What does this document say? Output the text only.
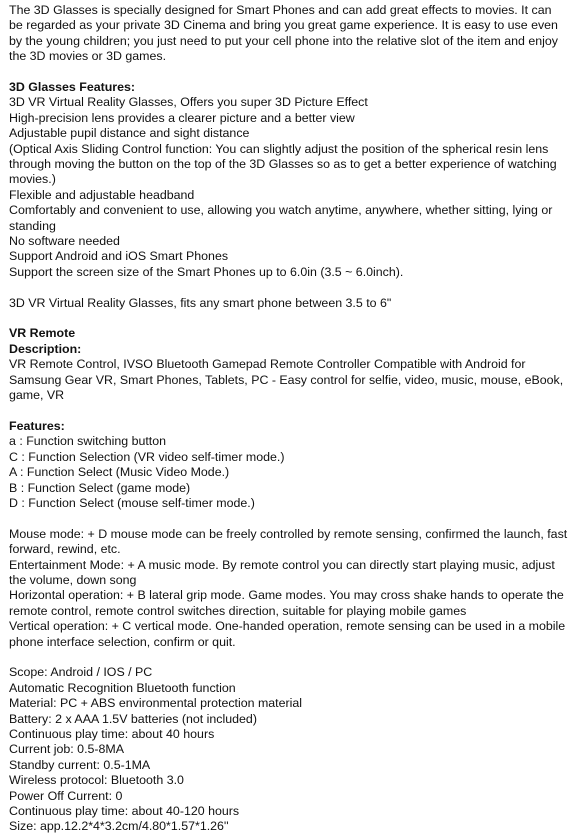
The 3D Glasses is specially designed for Smart Phones and can add great effects to movies. It can be regarded as your private 3D Cinema and bring you great game experience. It is easy to use even by the young children; you just need to put your cell phone into the relative slot of the item and enjoy the 3D movies or 3D games.

3D Glasses Features:

3D VR Virtual Reality Glasses, Offers you super 3D Picture Effect

High-precision lens provides a clearer picture and a better view

Adjustable pupil distance and sight distance

(Optical Axis Sliding Control function: You can slightly adjust the position of the spherical resin lens through moving the button on the top of the 3D Glasses so as to get a better experience of watching movies.)

Flexible and adjustable headband

Comfortably and convenient to use, allowing you watch anytime, anywhere, whether sitting, lying or standing

No software needed

Support Android and iOS Smart Phones

Support the screen size of the Smart Phones up to 6.0in (3.5 ~ 6.0inch).

3D VR Virtual Reality Glasses, fits any smart phone between 3.5 to 6"

VR Remote

Description:

VR Remote Control, IVSO Bluetooth Gamepad Remote Controller Compatible with Android for Samsung Gear VR, Smart Phones, Tablets, PC - Easy control for selfie, video, music, mouse, eBook, game, VR

Features:

a : Function switching button

C : Function Selection (VR video self-timer mode.)

A : Function Select (Music Video Mode.)

B : Function Select (game mode)

D : Function Select (mouse self-timer mode.)

Mouse mode: + D mouse mode can be freely controlled by remote sensing, confirmed the launch, fast forward, rewind, etc.

Entertainment Mode: + A music mode. By remote control you can directly start playing music, adjust the volume, down song

Horizontal operation: + B lateral grip mode. Game modes. You may cross shake hands to operate the remote control, remote control switches direction, suitable for playing mobile games

Vertical operation: + C vertical mode. One-handed operation, remote sensing can be used in a mobile phone interface selection, confirm or quit.

Scope: Android / IOS / PC

Automatic Recognition Bluetooth function

Material: PC + ABS environmental protection material

Battery: 2 x AAA 1.5V batteries (not included)

Continuous play time: about 40 hours

Current job: 0.5-8MA

Standby current: 0.5-1MA

Wireless protocol: Bluetooth 3.0

Power Off Current: 0

Continuous play time: about 40-120 hours

Size: app.12.2*4*3.2cm/4.80*1.57*1.26''
